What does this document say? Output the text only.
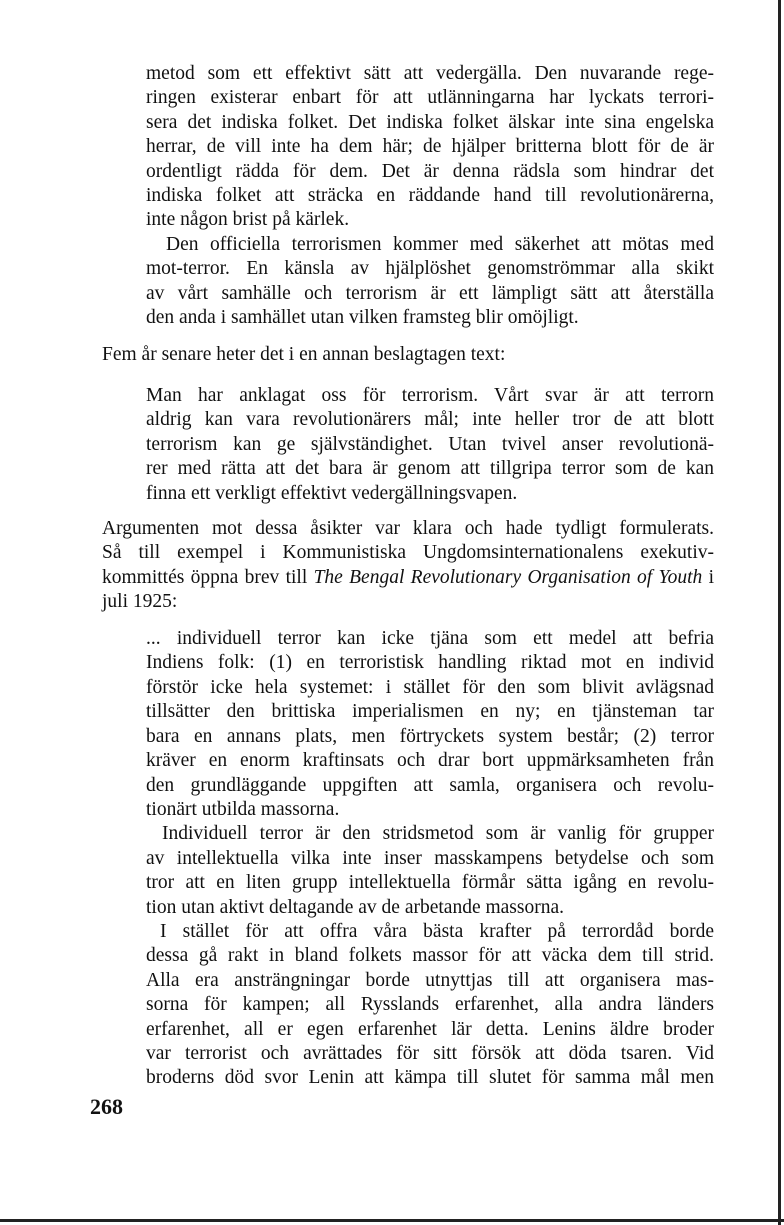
metod som ett effektivt sätt att vedergälla. Den nuvarande rege-
ringen existerar enbart för att utlänningarna har lyckats terrori-
sera det indiska folket. Det indiska folket älskar inte sina engelska
herrar, de vill inte ha dem här; de hjälper britterna blott för de är
ordentligt rädda för dem. Det är denna rädsla som hindrar det
indiska folket att sträcka en räddande hand till revolutionärerna,
inte någon brist på kärlek.
Den officiella terrorismen kommer med säkerhet att mötas med
mot-terror. En känsla av hjälplöshet genomströmmar alla skikt
av vårt samhälle och terrorism är ett lämpligt sätt att återställa
den anda i samhället utan vilken framsteg blir omöjligt.
Fem år senare heter det i en annan beslagtagen text:
Man har anklagat oss för terrorism. Vårt svar är att terrorn
aldrig kan vara revolutionärers mål; inte heller tror de att blott
terrorism kan ge självständighet. Utan tvivel anser revolutionä-
rer med rätta att det bara är genom att tillgripa terror som de kan
finna ett verkligt effektivt vedergällningsvapen.
Argumenten mot dessa åsikter var klara och hade tydligt formulerats.
Så till exempel i Kommunistiska Ungdomsinternationalens exekutiv-
kommittés öppna brev till The Bengal Revolutionary Organisation of Youth i
juli 1925:
... individuell terror kan icke tjäna som ett medel att befria
Indiens folk: (1) en terroristisk handling riktad mot en individ
förstör icke hela systemet: i stället för den som blivit avlägsnad
tillsätter den brittiska imperialismen en ny; en tjänsteman tar
bara en annans plats, men förtryckets system består; (2) terror
kräver en enorm kraftinsats och drar bort uppmärksamheten från
den grundläggande uppgiften att samla, organisera och revolu-
tionärt utbilda massorna.
Individuell terror är den stridsmetod som är vanlig för grupper
av intellektuella vilka inte inser masskampens betydelse och som
tror att en liten grupp intellektuella förmår sätta igång en revolu-
tion utan aktivt deltagande av de arbetande massorna.
I stället för att offra våra bästa krafter på terrordåd borde
dessa gå rakt in bland folkets massor för att väcka dem till strid.
Alla era ansträngningar borde utnyttjas till att organisera mas-
sorna för kampen; all Rysslands erfarenhet, alla andra länders
erfarenhet, all er egen erfarenhet lär detta. Lenins äldre broder
var terrorist och avrättades för sitt försök att döda tsaren. Vid
broderns död svor Lenin att kämpa till slutet för samma mål men
268
